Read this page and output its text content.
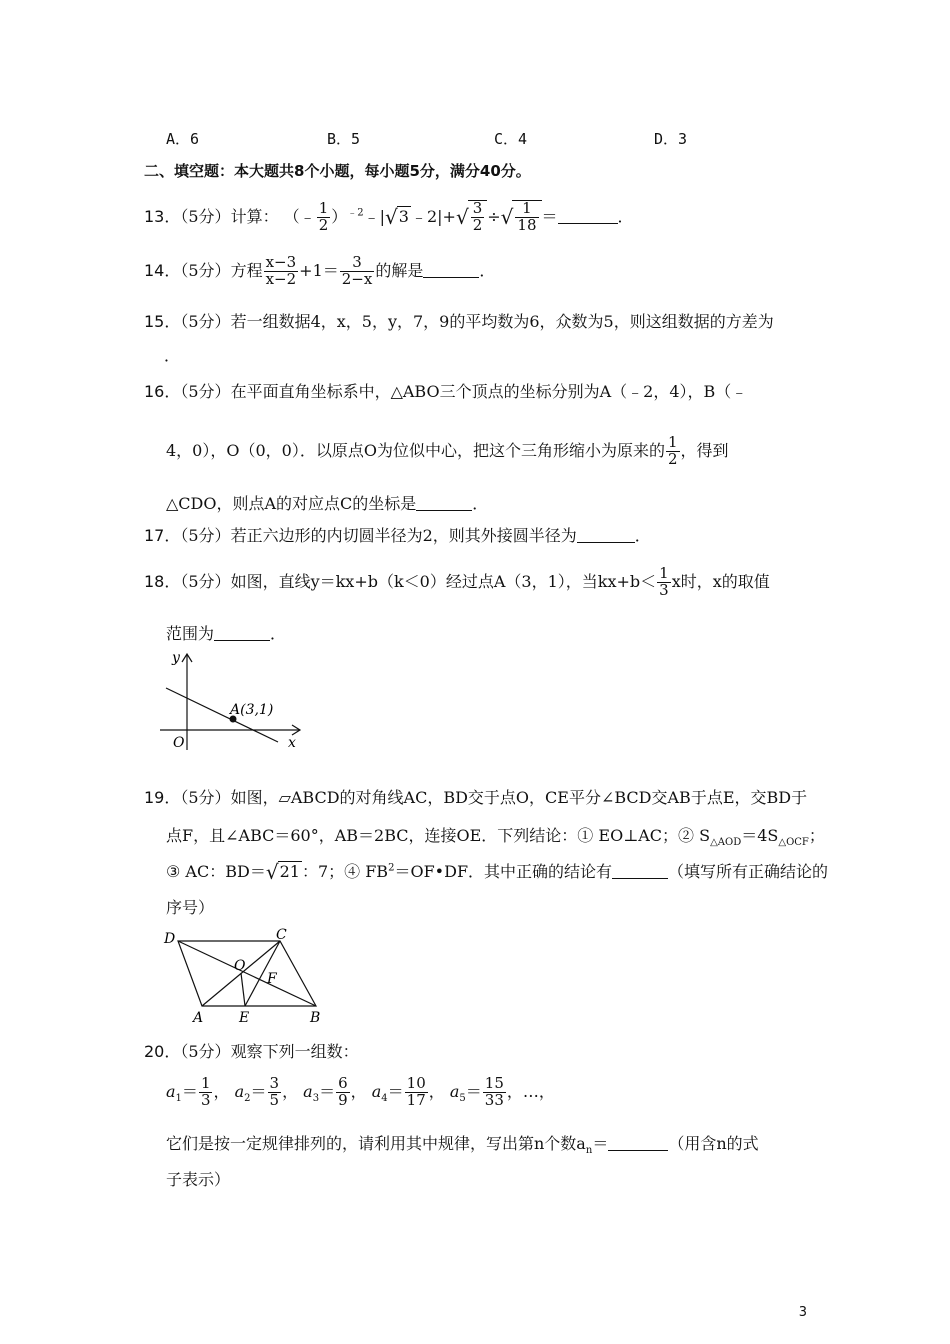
A．6	B．5	C．4	D．3
二、填空题：本大题共8个小题，每小题5分，满分40分。
13．（5分）计算： （﹣ $\frac{1}{2}$ ）$^{﹣2}$﹣|√3 ﹣2|+√ $\frac{3}{2}$ ÷√ $\frac{1}{18}$ ＝	．
14．（5分）方程 $\frac{x-3}{x-2} +1= \frac{3}{2-x}$ 的解是	．
15．（5分）若一组数据4，x，5，y，7，9的平均数为6，众数为5，则这组数据的方差为
．
16．（5分）在平面直角坐标系中，△ABO三个顶点的坐标分别为A（﹣2，4），B（﹣
4，0），O（0，0）．以原点O为位似中心，把这个三角形缩小为原来的 $\frac{1}{2}$ ，得到
△CDO，则点A的对应点C的坐标是	．
17．（5分）若正六边形的内切圆半径为2，则其外接圆半径为	．
18．（5分）如图，直线y＝kx+b（k＜0）经过点A（3，1），当$kx+b< \frac{1}{3}$ x时，x的取值
范围为	．
y
x
O
A(3,1)
19．（5分）如图，▱ABCD的对角线AC，BD交于点O，CE平分∠BCD交AB于点E，交BD于
点F，且∠ABC＝60°，AB＝2BC，连接OE．下列结论：① EO⊥AC；② $S_{\triangle AOD}=4S_{\triangle OCF}$；
③ AC：BD＝√21 ：7；④ $FB^2=OF•DF$．其中正确的结论有	（填写所有正确结论的
序号）
D	C
O
F
A	E	B
20．（5分）观察下列一组数：
$a_1= \frac{1}{3}$ ， $a_2= \frac{3}{5}$ ， $a_3= \frac{6}{9}$ ， $a_4= \frac{10}{17}$ ， $a_5= \frac{15}{33}$ ，…，
它们是按一定规律排列的，请利用其中规律，写出第n个数$a_n=$	（用含n的式
子表示）
3
